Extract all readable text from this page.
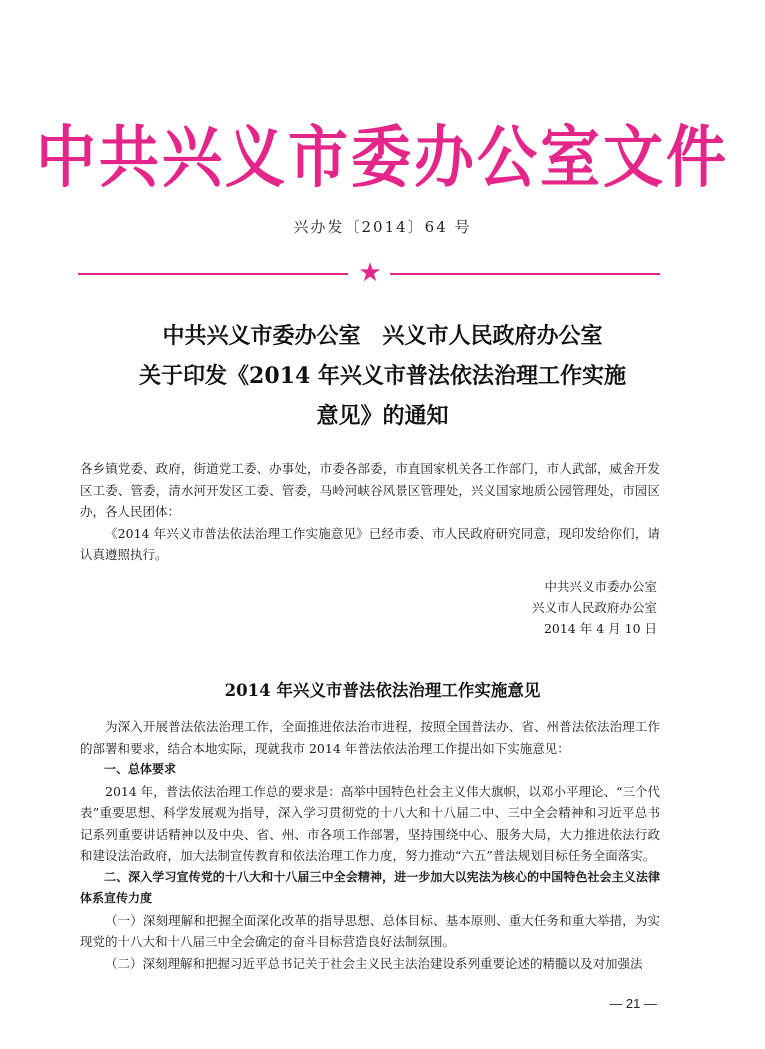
中共兴义市委办公室文件
兴办发〔2014〕64 号
★
中共兴义市委办公室　兴义市人民政府办公室
关于印发《2014 年兴义市普法依法治理工作实施
意见》的通知
各乡镇党委、政府，街道党工委、办事处，市委各部委，市直国家机关各工作部门，市人武部，威舍开发区工委、管委，清水河开发区工委、管委，马岭河峡谷风景区管理处，兴义国家地质公园管理处，市园区办，各人民团体：
《2014 年兴义市普法依法治理工作实施意见》已经市委、市人民政府研究同意，现印发给你们，请认真遵照执行。
中共兴义市委办公室
兴义市人民政府办公室
2014 年 4 月 10 日
2014 年兴义市普法依法治理工作实施意见

为深入开展普法依法治理工作，全面推进依法治市进程，按照全国普法办、省、州普法依法治理工作的部署和要求，结合本地实际，现就我市 2014 年普法依法治理工作提出如下实施意见：

一、总体要求

2014 年，普法依法治理工作总的要求是：高举中国特色社会主义伟大旗帜，以邓小平理论、“三个代表”重要思想、科学发展观为指导，深入学习贯彻党的十八大和十八届二中、三中全会精神和习近平总书记系列重要讲话精神以及中央、省、州、市各项工作部署，坚持围绕中心、服务大局，大力推进依法行政和建设法治政府，加大法制宣传教育和依法治理工作力度，努力推动“六五”普法规划目标任务全面落实。

二、深入学习宣传党的十八大和十八届三中全会精神，进一步加大以宪法为核心的中国特色社会主义法律体系宣传力度

（一）深刻理解和把握全面深化改革的指导思想、总体目标、基本原则、重大任务和重大举措，为实现党的十八大和十八届三中全会确定的奋斗目标营造良好法制氛围。

（二）深刻理解和把握习近平总书记关于社会主义民主法治建设系列重要论述的精髓以及对加强法

— 21 —
